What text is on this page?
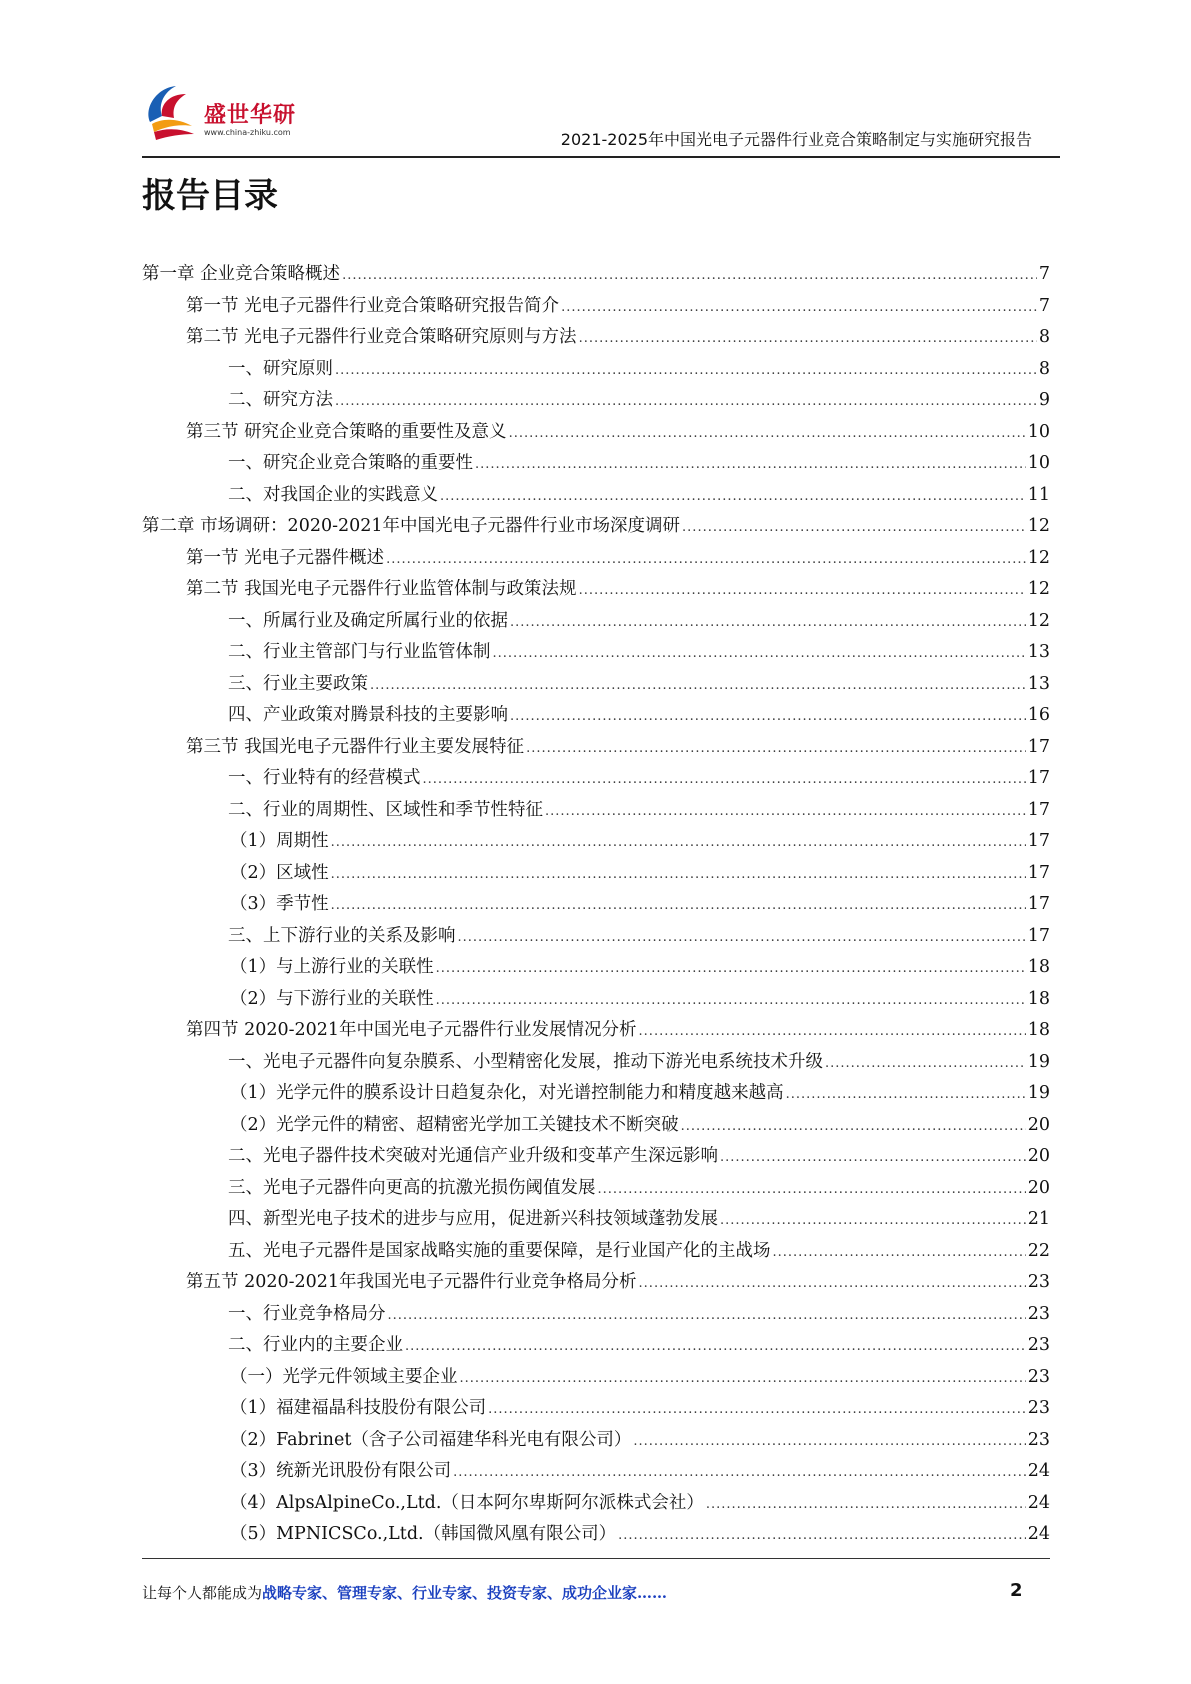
盛世华研
www.china-zhiku.com	2021-2025年中国光电子元器件行业竞合策略制定与实施研究报告
报告目录
第一章 企业竞合策略概述 .....	7
第一节 光电子元器件行业竞合策略研究报告简介 .....	7
第二节 光电子元器件行业竞合策略研究原则与方法 .....	8
一、研究原则 .....	8
二、研究方法 .....	9
第三节 研究企业竞合策略的重要性及意义 .....	10
一、研究企业竞合策略的重要性 .....	10
二、对我国企业的实践意义 .....	11
第二章 市场调研：2020-2021年中国光电子元器件行业市场深度调研 .....	12
第一节 光电子元器件概述 .....	12
第二节 我国光电子元器件行业监管体制与政策法规 .....	12
一、所属行业及确定所属行业的依据 .....	12
二、行业主管部门与行业监管体制 .....	13
三、行业主要政策 .....	13
四、产业政策对腾景科技的主要影响 .....	16
第三节 我国光电子元器件行业主要发展特征 .....	17
一、行业特有的经营模式 .....	17
二、行业的周期性、区域性和季节性特征 .....	17
（1）周期性 .....	17
（2）区域性 .....	17
（3）季节性 .....	17
三、上下游行业的关系及影响 .....	17
（1）与上游行业的关联性 .....	18
（2）与下游行业的关联性 .....	18
第四节 2020-2021年中国光电子元器件行业发展情况分析 .....	18
一、光电子元器件向复杂膜系、小型精密化发展，推动下游光电系统技术升级 .....	19
（1）光学元件的膜系设计日趋复杂化，对光谱控制能力和精度越来越高 .....	19
（2）光学元件的精密、超精密光学加工关键技术不断突破 .....	20
二、光电子器件技术突破对光通信产业升级和变革产生深远影响 .....	20
三、光电子元器件向更高的抗激光损伤阈值发展 .....	20
四、新型光电子技术的进步与应用，促进新兴科技领域蓬勃发展 .....	21
五、光电子元器件是国家战略实施的重要保障，是行业国产化的主战场 .....	22
第五节 2020-2021年我国光电子元器件行业竞争格局分析 .....	23
一、行业竞争格局分 .....	23
二、行业内的主要企业 .....	23
（一）光学元件领域主要企业 .....	23
（1）福建福晶科技股份有限公司 .....	23
（2）Fabrinet（含子公司福建华科光电有限公司） .....	23
（3）统新光讯股份有限公司 .....	24
（4）AlpsAlpineCo.,Ltd.（日本阿尔卑斯阿尔派株式会社） .....	24
（5）MPNICSCo.,Ltd.（韩国微风凰有限公司） .....	24
让每个人都能成为战略专家、管理专家、行业专家、投资专家、成功企业家……	2
